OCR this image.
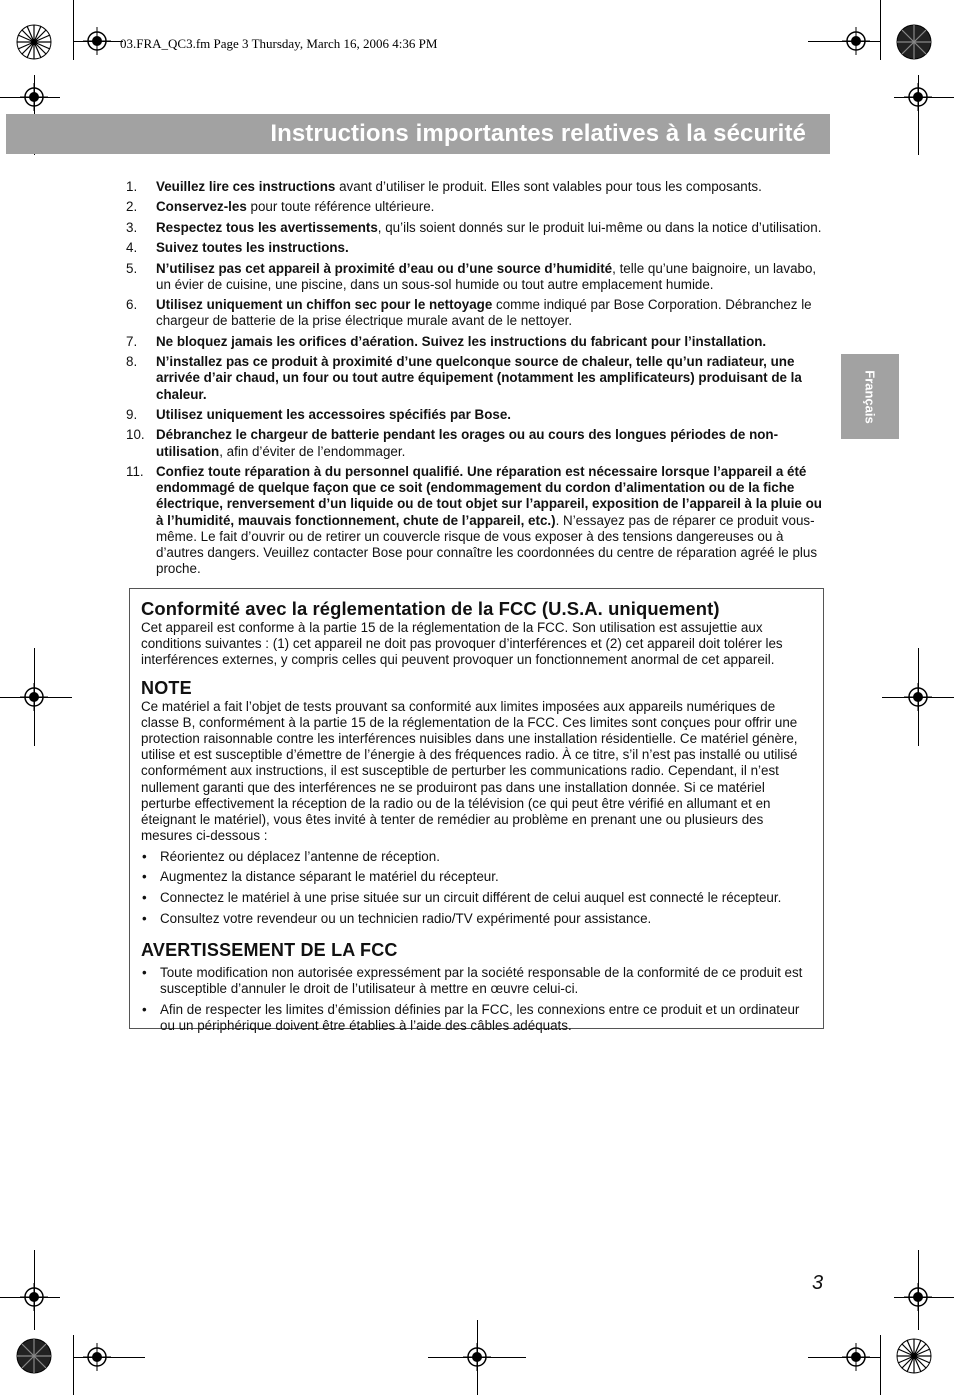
03.FRA_QC3.fm Page 3 Thursday, March 16, 2006 4:36 PM
Instructions importantes relatives à la sécurité
Français
1. Veuillez lire ces instructions avant d’utiliser le produit. Elles sont valables pour tous les composants.
2. Conservez-les pour toute référence ultérieure.
3. Respectez tous les avertissements, qu’ils soient donnés sur le produit lui-même ou dans la notice d’utilisation.
4. Suivez toutes les instructions.
5. N’utilisez pas cet appareil à proximité d’eau ou d’une source d’humidité, telle qu’une baignoire, un lavabo, un évier de cuisine, une piscine, dans un sous-sol humide ou tout autre emplacement humide.
6. Utilisez uniquement un chiffon sec pour le nettoyage comme indiqué par Bose Corporation. Débranchez le chargeur de batterie de la prise électrique murale avant de le nettoyer.
7. Ne bloquez jamais les orifices d’aération. Suivez les instructions du fabricant pour l’installation.
8. N’installez pas ce produit à proximité d’une quelconque source de chaleur, telle qu’un radiateur, une arrivée d’air chaud, un four ou tout autre équipement (notamment les amplificateurs) produisant de la chaleur.
9. Utilisez uniquement les accessoires spécifiés par Bose.
10. Débranchez le chargeur de batterie pendant les orages ou au cours des longues périodes de non-utilisation, afin d’éviter de l’endommager.
11. Confiez toute réparation à du personnel qualifié. Une réparation est nécessaire lorsque l’appareil a été endommagé de quelque façon que ce soit (endommagement du cordon d’alimentation ou de la fiche électrique, renversement d’un liquide ou de tout objet sur l’appareil, exposition de l’appareil à la pluie ou à l’humidité, mauvais fonctionnement, chute de l’appareil, etc.). N’essayez pas de réparer ce produit vous-même. Le fait d’ouvrir ou de retirer un couvercle risque de vous exposer à des tensions dangereuses ou à d’autres dangers. Veuillez contacter Bose pour connaître les coordonnées du centre de réparation agréé le plus proche.
Conformité avec la réglementation de la FCC (U.S.A. uniquement)
Cet appareil est conforme à la partie 15 de la réglementation de la FCC. Son utilisation est assujettie aux conditions suivantes : (1) cet appareil ne doit pas provoquer d’interférences et (2) cet appareil doit tolérer les interférences externes, y compris celles qui peuvent provoquer un fonctionnement anormal de cet appareil.
NOTE
Ce matériel a fait l’objet de tests prouvant sa conformité aux limites imposées aux appareils numériques de classe B, conformément à la partie 15 de la réglementation de la FCC. Ces limites sont conçues pour offrir une protection raisonnable contre les interférences nuisibles dans une installation résidentielle. Ce matériel génère, utilise et est susceptible d’émettre de l’énergie à des fréquences radio. À ce titre, s’il n’est pas installé ou utilisé conformément aux instructions, il est susceptible de perturber les communications radio. Cependant, il n’est nullement garanti que des interférences ne se produiront pas dans une installation donnée. Si ce matériel perturbe effectivement la réception de la radio ou de la télévision (ce qui peut être vérifié en allumant et en éteignant le matériel), vous êtes invité à tenter de remédier au problème en prenant une ou plusieurs des mesures ci-dessous :
• Réorientez ou déplacez l’antenne de réception.
• Augmentez la distance séparant le matériel du récepteur.
• Connectez le matériel à une prise située sur un circuit différent de celui auquel est connecté le récepteur.
• Consultez votre revendeur ou un technicien radio/TV expérimenté pour assistance.
AVERTISSEMENT DE LA FCC
• Toute modification non autorisée expressément par la société responsable de la conformité de ce produit est susceptible d’annuler le droit de l’utilisateur à mettre en œuvre celui-ci.
• Afin de respecter les limites d’émission définies par la FCC, les connexions entre ce produit et un ordinateur ou un périphérique doivent être établies à l’aide des câbles adéquats.
3
